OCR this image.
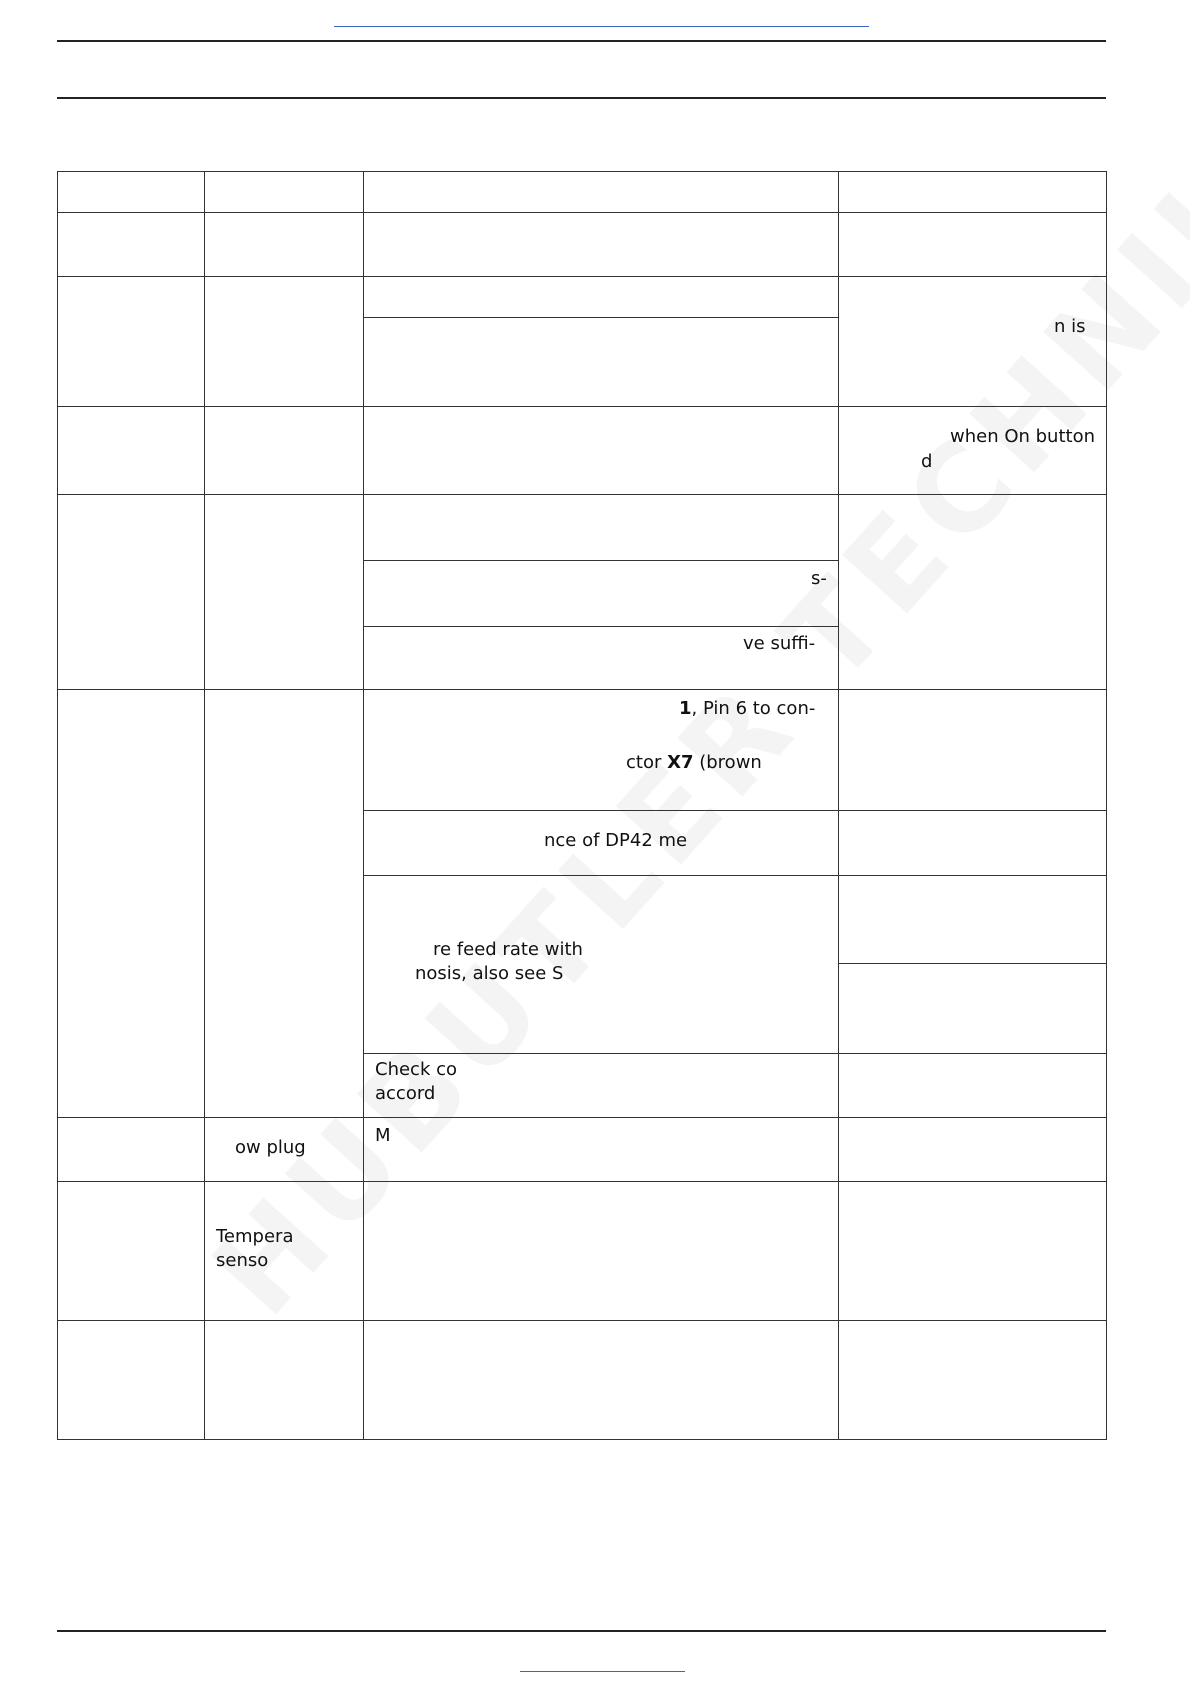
n is
when On button
d
s-
ve suffi-
1, Pin 6 to con-
ctor X7 (brown
nce of DP42 me
re feed rate with
nosis, also see S
Check co
accord
ow plug
M
Tempera
senso
